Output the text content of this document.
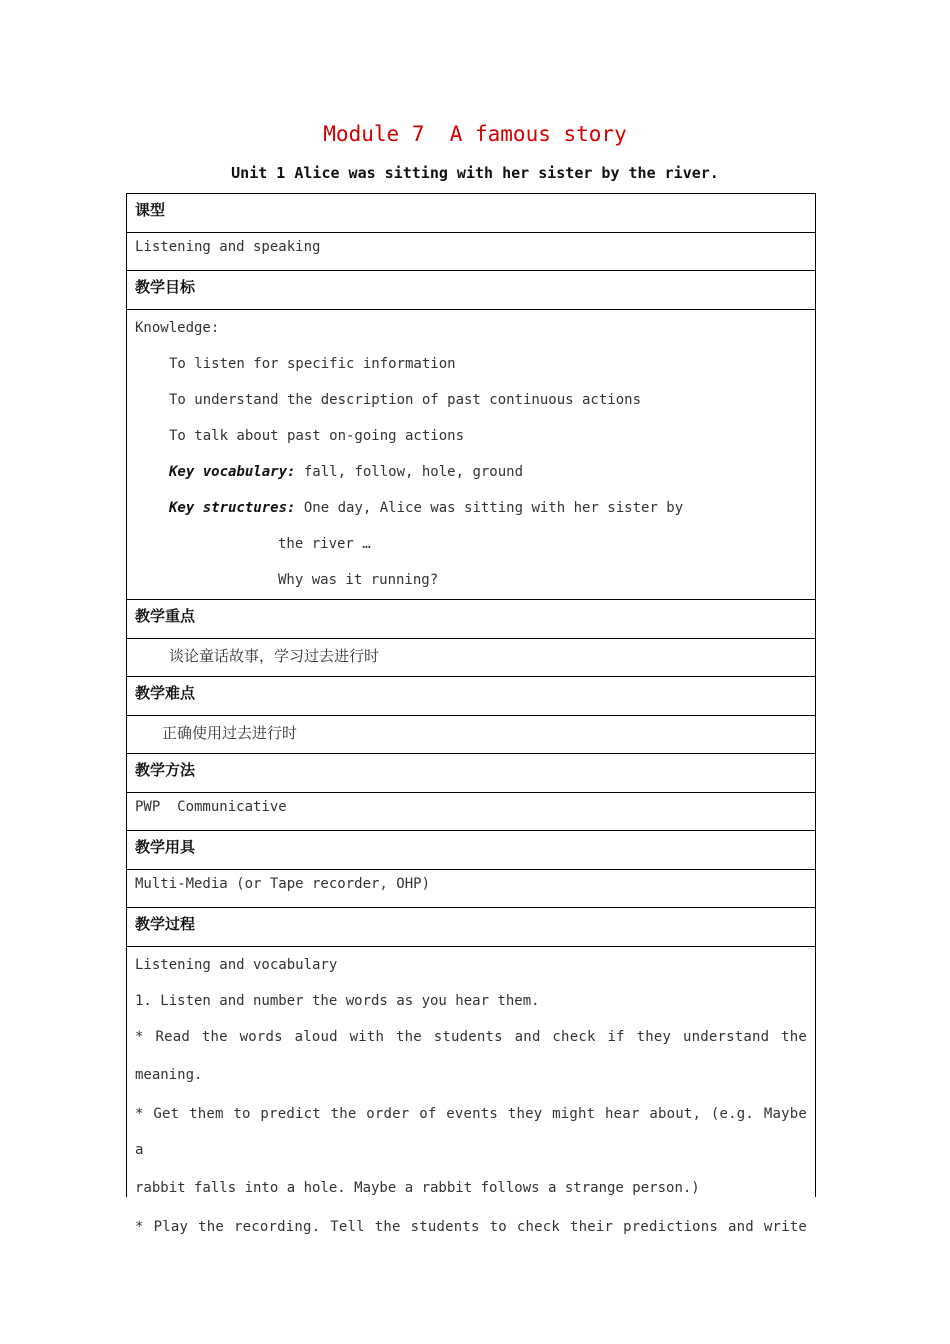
Module 7  A famous story
Unit 1 Alice was sitting with her sister by the river.
课型
Listening and speaking
教学目标
Knowledge:
To listen for specific information
To understand the description of past continuous actions
To talk about past on-going actions
Key vocabulary: fall, follow, hole, ground
Key structures: One day, Alice was sitting with her sister by
the river …
Why was it running?
教学重点
谈论童话故事，学习过去进行时
教学难点
正确使用过去进行时
教学方法
PWP  Communicative
教学用具
Multi-Media (or Tape recorder, OHP)
教学过程
Listening and vocabulary
1. Listen and number the words as you hear them.
* Read the words aloud with the students and check if they understand the
meaning.
* Get them to predict the order of events they might hear about, (e.g. Maybe a
rabbit falls into a hole. Maybe a rabbit follows a strange person.)
* Play the recording. Tell the students to check their predictions and write
